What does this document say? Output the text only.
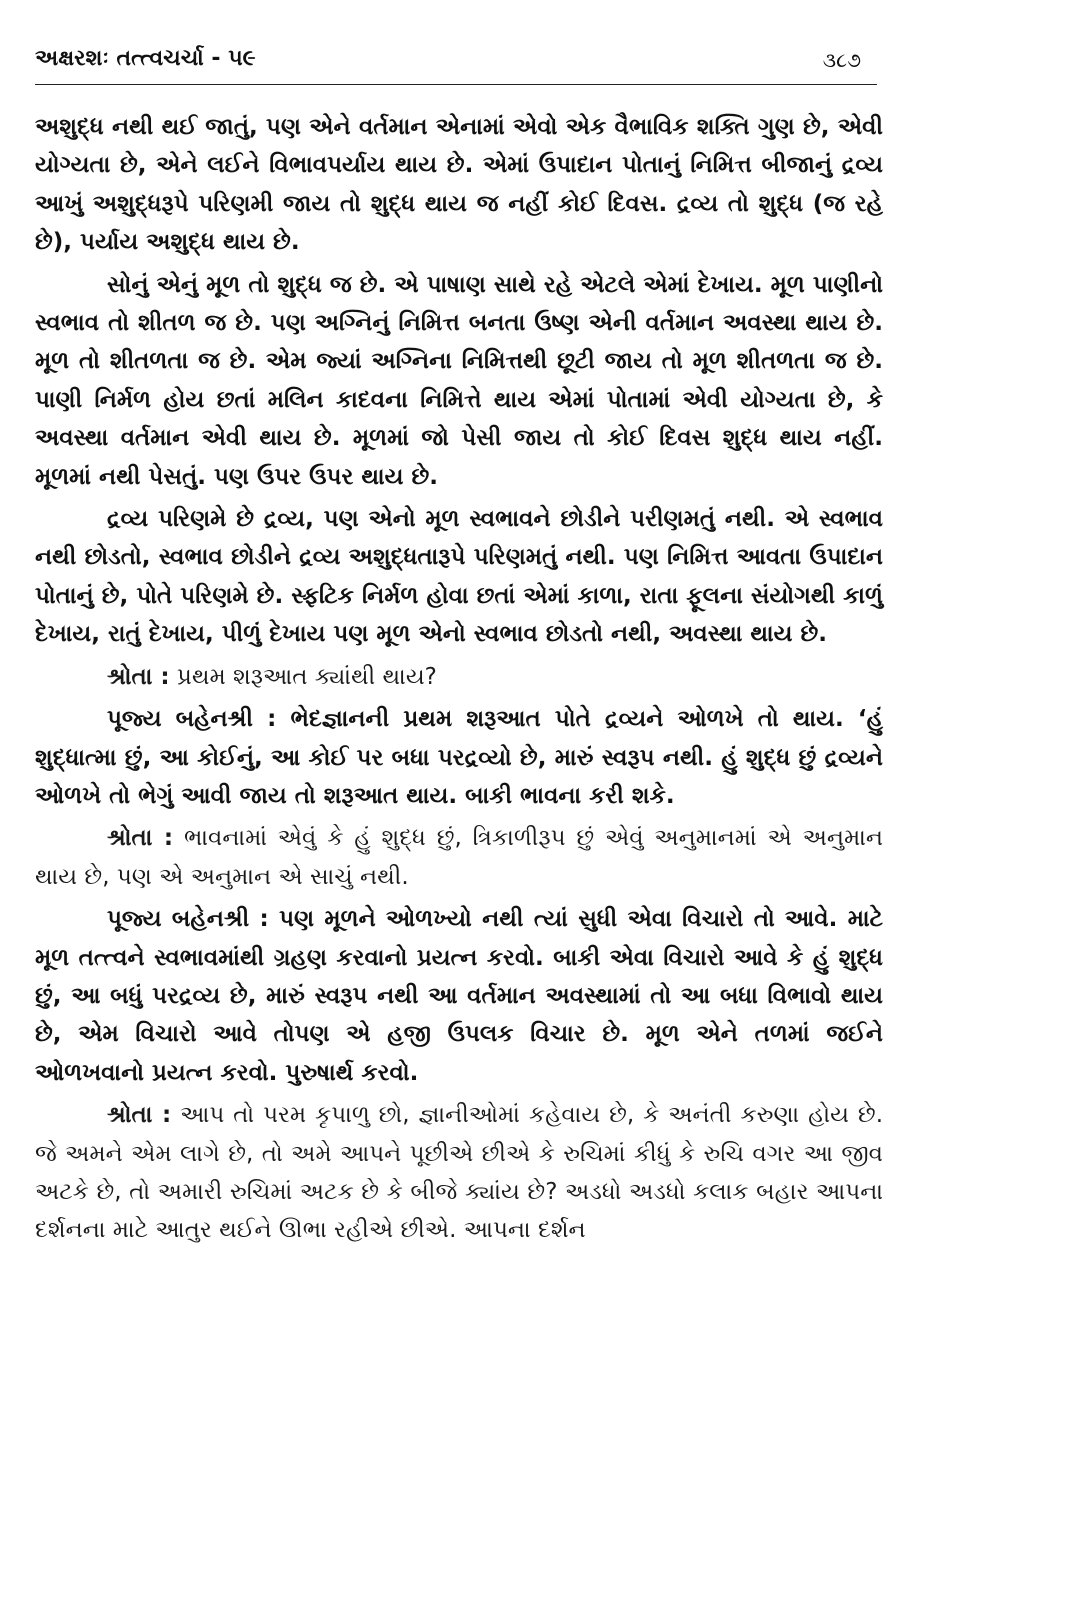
અક્ષરશઃ તત્ત્વચર્ચા - ૫૯	૩૮૭

અશુદ્ધ નથી થઈ જાતું, પણ એને વર્તમાન એનામાં એવો એક વૈભાવિક શક્તિ ગુણ છે, એવી યોગ્યતા છે, એને લઈને વિભાવપર્યાય થાય છે. એમાં ઉપાદાન પોતાનું નિમિત્ત બીજાનું દ્રવ્ય આખું અશુદ્ધરૂપે પરિણમી જાય તો શુદ્ધ થાય જ નહીં કોઈ દિવસ. દ્રવ્ય તો શુદ્ધ (જ રહે છે), પર્યાય અશુદ્ધ થાય છે.

સોનું એનું મૂળ તો શુદ્ધ જ છે. એ પાષાણ સાથે રહે એટલે એમાં દેખાય. મૂળ પાણીનો સ્વભાવ તો શીતળ જ છે. પણ અગ્નિનું નિમિત્ત બનતા ઉષ્ણ એની વર્તમાન અવસ્થા થાય છે. મૂળ તો શીતળતા જ છે. એમ જ્યાં અગ્નિના નિમિત્તથી છૂટી જાય તો મૂળ શીતળતા જ છે. પાણી નિર્મળ હોય છતાં મલિન કાદવના નિમિત્તે થાય એમાં પોતામાં એવી યોગ્યતા છે, કે અવસ્થા વર્તમાન એવી થાય છે. મૂળમાં જો પેસી જાય તો કોઈ દિવસ શુદ્ધ થાય નહીં. મૂળમાં નથી પેસતું. પણ ઉપર ઉપર થાય છે.

દ્રવ્ય પરિણમે છે દ્રવ્ય, પણ એનો મૂળ સ્વભાવને છોડીને પરીણમતું નથી. એ સ્વભાવ નથી છોડતો, સ્વભાવ છોડીને દ્રવ્ય અશુદ્ધતારૂપે પરિણમતું નથી. પણ નિમિત્ત આવતા ઉપાદાન પોતાનું છે, પોતે પરિણમે છે. સ્ફટિક નિર્મળ હોવા છતાં એમાં કાળા, રાતા ફૂલના સંયોગથી કાળું દેખાય, રાતું દેખાય, પીળું દેખાય પણ મૂળ એનો સ્વભાવ છોડતો નથી, અવસ્થા થાય છે.

શ્રોતા : પ્રથમ શરૂઆત ક્યાંથી થાય?

પૂજ્ય બહેનશ્રી : ભેદજ્ઞાનની પ્રથમ શરૂઆત પોતે દ્રવ્યને ઓળખે તો થાય. ‘હું શુદ્ધાત્મા છું, આ કોઈનું, આ કોઈ પર બધા પરદ્રવ્યો છે, મારું સ્વરૂપ નથી. હું શુદ્ધ છું દ્રવ્યને ઓળખે તો ભેગું આવી જાય તો શરૂઆત થાય. બાકી ભાવના કરી શકે.

શ્રોતા : ભાવનામાં એવું કે હું શુદ્ધ છું, ત્રિકાળીરૂપ છું એવું અનુમાનમાં એ અનુમાન થાય છે, પણ એ અનુમાન એ સાચું નથી.

પૂજ્ય બહેનશ્રી : પણ મૂળને ઓળખ્યો નથી ત્યાં સુધી એવા વિચારો તો આવે. માટે મૂળ તત્ત્વને સ્વભાવમાંથી ગ્રહણ કરવાનો પ્રયત્ન કરવો. બાકી એવા વિચારો આવે કે હું શુદ્ધ છું, આ બધું પરદ્રવ્ય છે, મારું સ્વરૂપ નથી આ વર્તમાન અવસ્થામાં તો આ બધા વિભાવો થાય છે, એમ વિચારો આવે તોપણ એ હજી ઉપલક વિચાર છે. મૂળ એને તળમાં જઈને ઓળખવાનો પ્રયત્ન કરવો. પુરુષાર્થ કરવો.

શ્રોતા : આપ તો પરમ કૃપાળુ છો, જ્ઞાનીઓમાં કહેવાય છે, કે અનંતી કરુણા હોય છે. જે અમને એમ લાગે છે, તો અમે આપને પૂછીએ છીએ કે રુચિમાં કીધું કે રુચિ વગર આ જીવ અટકે છે, તો અમારી રુચિમાં અટક છે કે બીજે ક્યાંય છે? અડધો અડધો કલાક બહાર આપના દર્શનના માટે આતુર થઈને ઊભા રહીએ છીએ. આપના દર્શન
